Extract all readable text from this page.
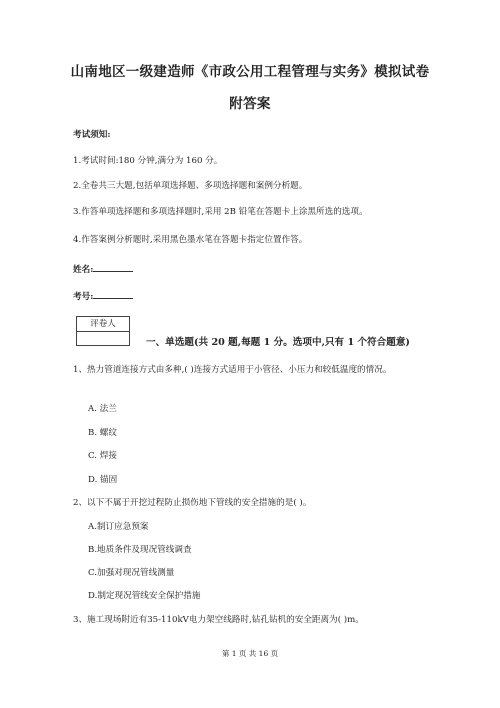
山南地区一级建造师《市政公用工程管理与实务》模拟试卷
附答案
考试须知:
1.考试时间:180 分钟,满分为 160 分。
2.全卷共三大题,包括单项选择题、多项选择题和案例分析题。
3.作答单项选择题和多项选择题时,采用 2B 铅笔在答题卡上涂黑所选的选项。
4.作答案例分析题时,采用黑色墨水笔在答题卡指定位置作答。
姓名:
考号:
评卷人
一、单选题(共 20 题,每题 1 分。选项中,只有 1 个符合题意)
1、热力管道连接方式由多种,( )连接方式适用于小管径、小压力和较低温度的情况。
A. 法兰
B. 螺纹
C. 焊接
D. 锚固
2、以下不属于开挖过程防止损伤地下管线的安全措施的是( )。
A.制订应急预案
B.地质条件及现况管线调查
C.加强对现况管线测量
D.制定现况管线安全保护措施
3、施工现场附近有35-110kV电力架空线路时,钻孔钻机的安全距离为( )m。
第 1 页 共 16 页
